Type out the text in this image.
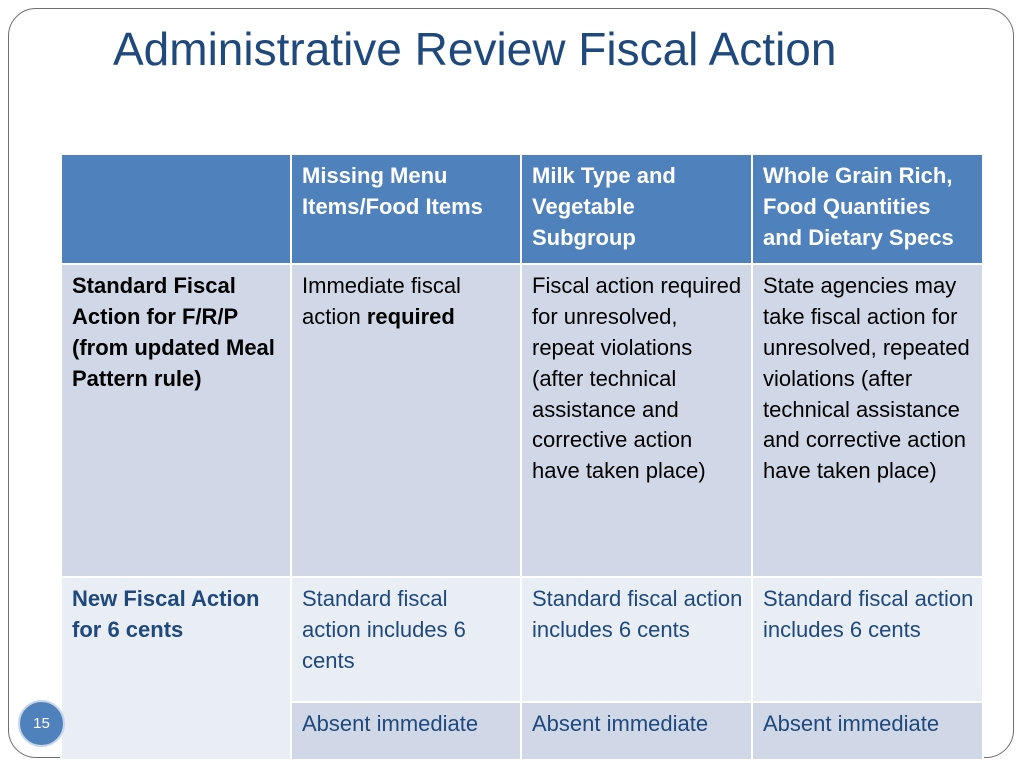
Administrative Review Fiscal Action
	Missing Menu Items/Food Items	Milk Type and Vegetable Subgroup	Whole Grain Rich, Food Quantities and Dietary Specs
Standard Fiscal Action for F/R/P (from updated Meal Pattern rule)	Immediate fiscal action required	Fiscal action required for unresolved, repeat violations (after technical assistance and corrective action have taken place)	State agencies may take fiscal action for unresolved, repeated violations (after technical assistance and corrective action have taken place)
New Fiscal Action for 6 cents	Standard fiscal action includes 6 cents	Standard fiscal action includes 6 cents	Standard fiscal action includes 6 cents
	Absent immediate	Absent immediate	Absent immediate
15
